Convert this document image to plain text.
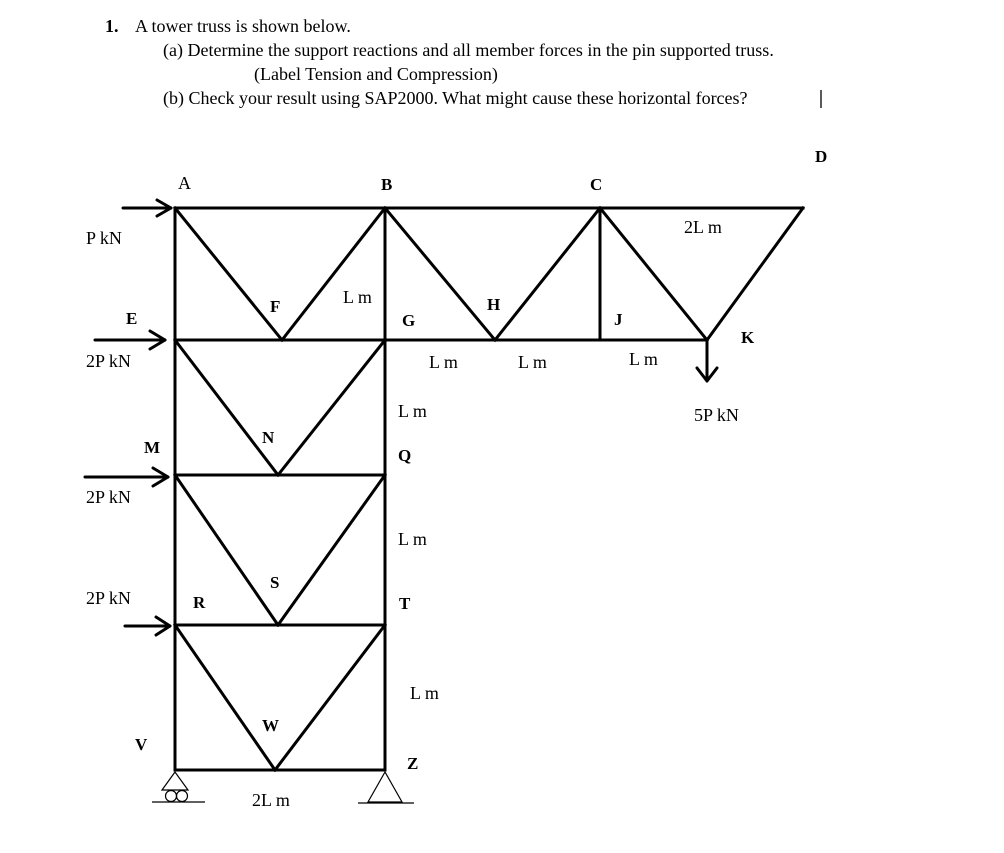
1. A tower truss is shown below.
(a) Determine the support reactions and all member forces in the pin supported truss.
(Label Tension and Compression)
(b) Check your result using SAP2000. What might cause these horizontal forces?
A	B	C
D
E
F
G
H
J
K
M
N
Q
R
S
T
V
W
Z
P kN
2P kN
2P kN
2P kN
5P kN
2L m
L m
L m	L m	L m
L m
L m
L m
2L m
